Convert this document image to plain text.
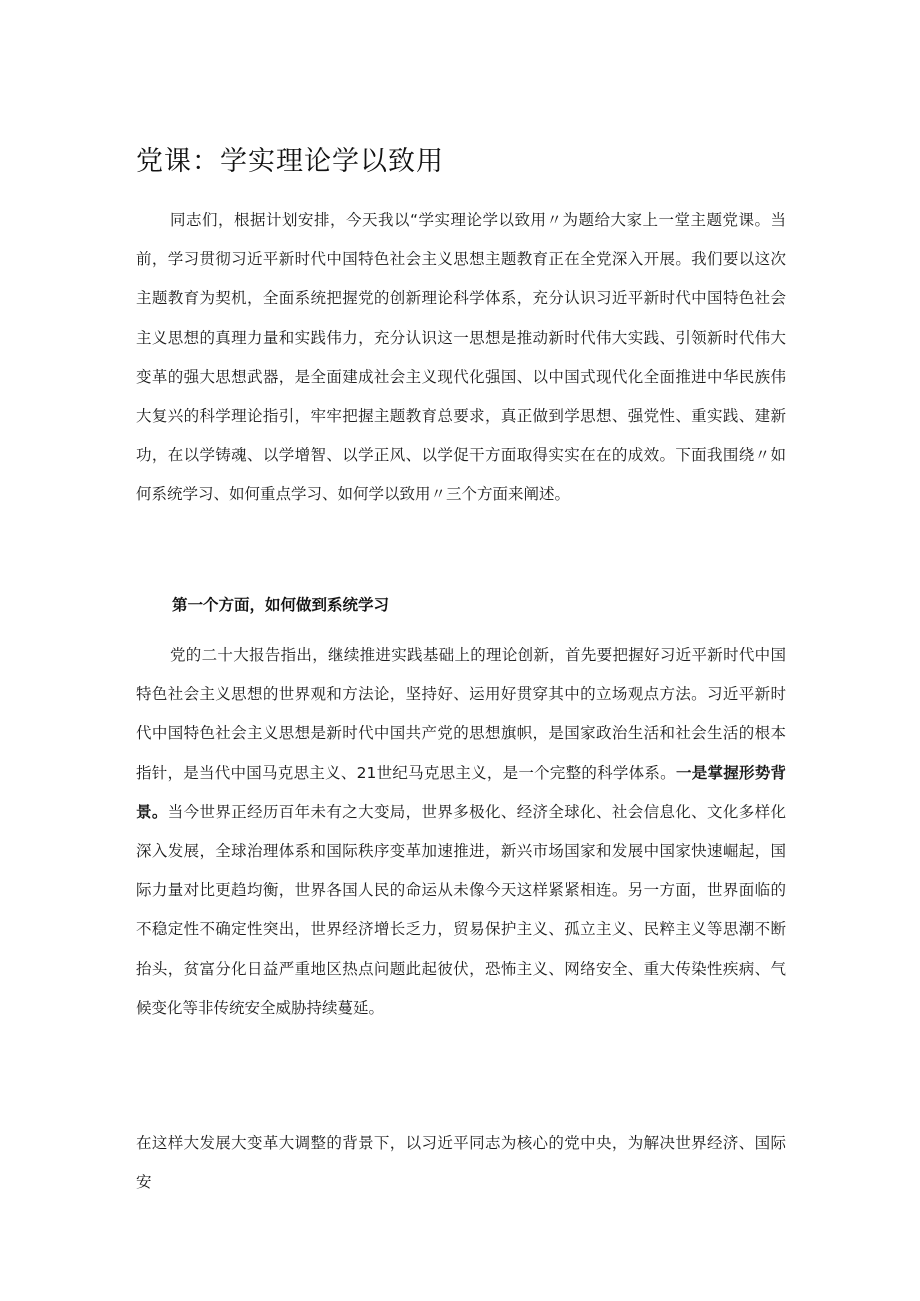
党课：学实理论学以致用

同志们，根据计划安排，今天我以“学实理论学以致用〃为题给大家上一堂主题党课。当前，学习贯彻习近平新时代中国特色社会主义思想主题教育正在全党深入开展。我们要以这次主题教育为契机，全面系统把握党的创新理论科学体系，充分认识习近平新时代中国特色社会主义思想的真理力量和实践伟力，充分认识这一思想是推动新时代伟大实践、引领新时代伟大变革的强大思想武器，是全面建成社会主义现代化强国、以中国式现代化全面推进中华民族伟大复兴的科学理论指引，牢牢把握主题教育总要求，真正做到学思想、强党性、重实践、建新功，在以学铸魂、以学增智、以学正风、以学促干方面取得实实在在的成效。下面我围绕〃如何系统学习、如何重点学习、如何学以致用〃三个方面来阐述。

第一个方面，如何做到系统学习

党的二十大报告指出，继续推进实践基础上的理论创新，首先要把握好习近平新时代中国特色社会主义思想的世界观和方法论，坚持好、运用好贯穿其中的立场观点方法。习近平新时代中国特色社会主义思想是新时代中国共产党的思想旗帜，是国家政治生活和社会生活的根本指针，是当代中国马克思主义、21世纪马克思主义，是一个完整的科学体系。一是掌握形势背景。当今世界正经历百年未有之大变局，世界多极化、经济全球化、社会信息化、文化多样化深入发展，全球治理体系和国际秩序变革加速推进，新兴市场国家和发展中国家快速崛起，国际力量对比更趋均衡，世界各国人民的命运从未像今天这样紧紧相连。另一方面，世界面临的不稳定性不确定性突出，世界经济增长乏力，贸易保护主义、孤立主义、民粹主义等思潮不断抬头，贫富分化日益严重地区热点问题此起彼伏，恐怖主义、网络安全、重大传染性疾病、气候变化等非传统安全威胁持续蔓延。

在这样大发展大变革大调整的背景下，以习近平同志为核心的党中央，为解决世界经济、国际安
